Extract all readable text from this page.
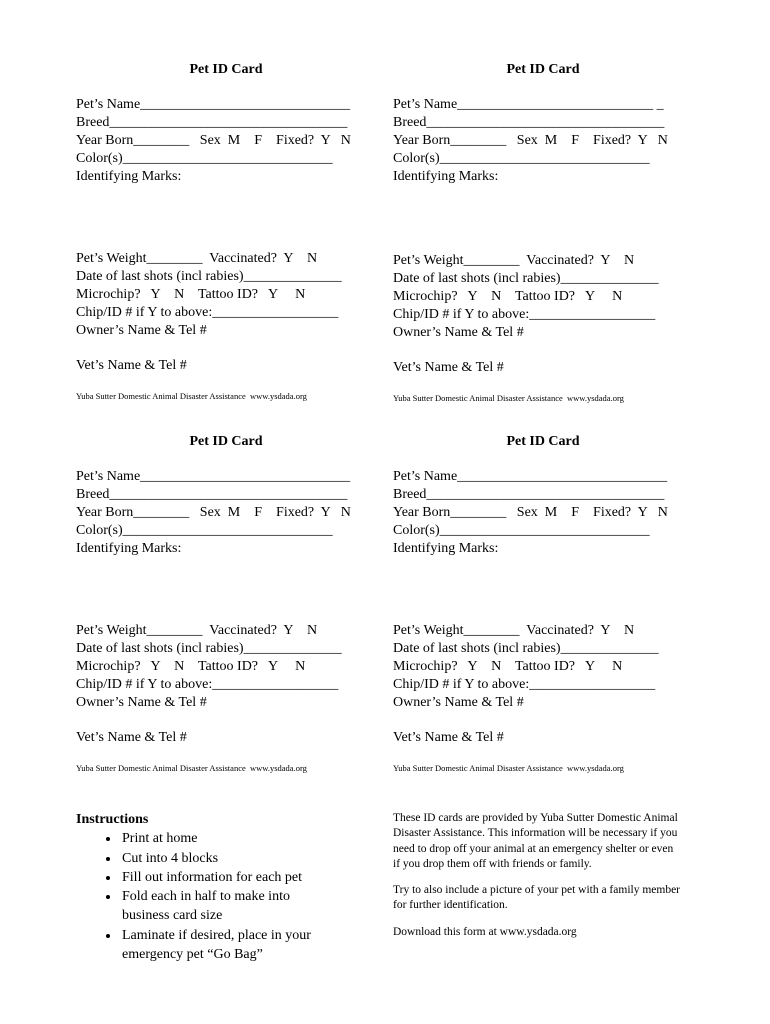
Pet ID Card
Pet’s Name______________________________
Breed__________________________________
Year Born________   Sex  M    F    Fixed?  Y   N
Color(s)______________________________
Identifying Marks:
Pet’s Weight________  Vaccinated?  Y    N
Date of last shots (incl rabies)______________
Microchip?   Y    N    Tattoo ID?   Y     N
Chip/ID # if Y to above:__________________
Owner’s Name & Tel #
Vet’s Name & Tel #
Yuba Sutter Domestic Animal Disaster Assistance  www.ysdada.org
Pet ID Card
Pet’s Name____________________________ _
Breed__________________________________
Year Born________   Sex  M    F    Fixed?  Y   N
Color(s)______________________________
Identifying Marks:
Pet’s Weight________  Vaccinated?  Y    N
Date of last shots (incl rabies)______________
Microchip?   Y    N    Tattoo ID?   Y     N
Chip/ID # if Y to above:__________________
Owner’s Name & Tel #
Vet’s Name & Tel #
Yuba Sutter Domestic Animal Disaster Assistance  www.ysdada.org
Pet ID Card
Pet’s Name______________________________
Breed__________________________________
Year Born________   Sex  M    F    Fixed?  Y   N
Color(s)______________________________
Identifying Marks:
Pet’s Weight________  Vaccinated?  Y    N
Date of last shots (incl rabies)______________
Microchip?   Y    N    Tattoo ID?   Y     N
Chip/ID # if Y to above:__________________
Owner’s Name & Tel #
Vet’s Name & Tel #
Yuba Sutter Domestic Animal Disaster Assistance  www.ysdada.org
Pet ID Card
Pet’s Name______________________________
Breed__________________________________
Year Born________   Sex  M    F    Fixed?  Y   N
Color(s)______________________________
Identifying Marks:
Pet’s Weight________  Vaccinated?  Y    N
Date of last shots (incl rabies)______________
Microchip?   Y    N    Tattoo ID?   Y     N
Chip/ID # if Y to above:__________________
Owner’s Name & Tel #
Vet’s Name & Tel #
Yuba Sutter Domestic Animal Disaster Assistance  www.ysdada.org
Instructions
• Print at home
• Cut into 4 blocks
• Fill out information for each pet
• Fold each in half to make into business card size
• Laminate if desired, place in your emergency pet “Go Bag”

These ID cards are provided by Yuba Sutter Domestic Animal Disaster Assistance. This information will be necessary if you need to drop off your animal at an emergency shelter or even if you drop them off with friends or family.

Try to also include a picture of your pet with a family member for further identification.

Download this form at www.ysdada.org
